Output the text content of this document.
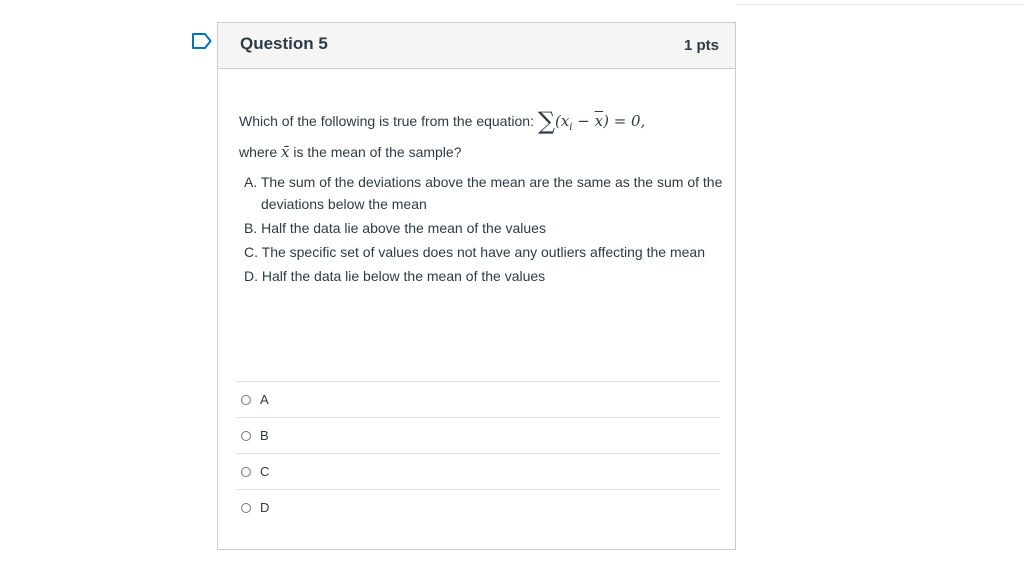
Question 5	1 pts
Which of the following is true from the equation: $\sum(x_i - \overline{x}) = 0$,
where x̄ is the mean of the sample?
A. The sum of the deviations above the mean are the same as the sum of the deviations below the mean
B. Half the data lie above the mean of the values
C. The specific set of values does not have any outliers affecting the mean
D. Half the data lie below the mean of the values
A
B
C
D
